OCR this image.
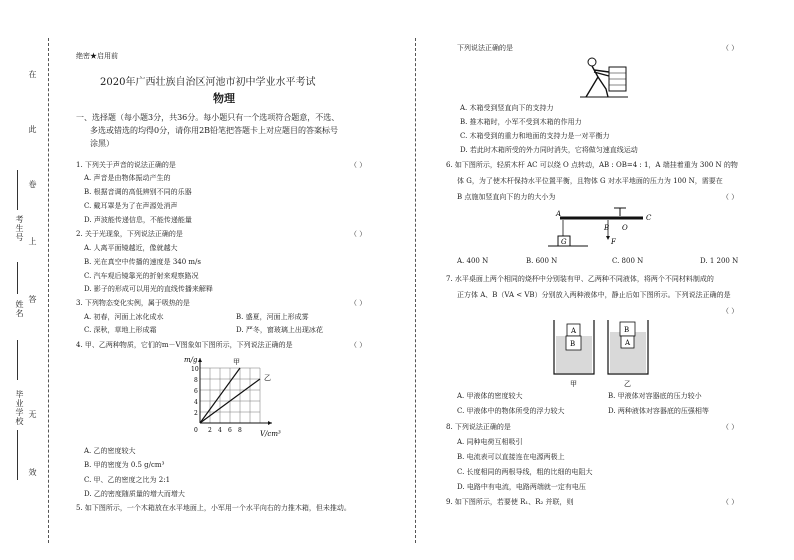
在
此
卷
上
答
无
效
考生号
姓名
毕业学校
绝密★启用前
2020年广西壮族自治区河池市初中学业水平考试
物理
一、选择题（每小题3分，共36分。每小题只有一个选项符合题意，不选、
多选或错选的均得0分，请你用2B铅笔把答题卡上对应题目的答案标号
涂黑）
1. 下列关于声音的说法正确的是	（ ）
A. 声音是由物体振动产生的
B. 根据音调的高低辨别不同的乐器
C. 戴耳罩是为了在声源处消声
D. 声波能传递信息，不能传递能量
2. 关于光现象，下列说法正确的是	（ ）
A. 人离平面镜越近，像就越大
B. 光在真空中传播的速度是 340 m/s
C. 汽车观后镜靠光的折射来观察路况
D. 影子的形成可以用光的直线传播来解释
3. 下列物态变化实例，属于吸热的是	（ ）
A. 初春，河面上冰化成水	B. 盛夏，河面上形成雾
C. 深秋，草地上形成霜	D. 严冬，窗玻璃上出现冰花
4. 甲、乙两种物质，它们的m－V图象如下图所示，下列说法正确的是	（ ）
m/g
V/cm³
10
8
6
4
2
0 2 4 6 8
甲
乙
A. 乙的密度较大
B. 甲的密度为 0.5 g/cm³
C. 甲、乙的密度之比为 2:1
D. 乙的密度随质量的增大而增大
5. 如下图所示，一个木箱放在水平地面上，小军用一个水平向右的力推木箱，但未推动。
下列说法正确的是	（ ）
A. 木箱受到竖直向下的支持力
B. 推木箱时，小军不受到木箱的作用力
C. 木箱受到的重力和地面的支持力是一对平衡力
D. 若此时木箱所受的外力同时消失，它将做匀速直线运动
6. 如下图所示，轻质木杆 AC 可以绕 O 点转动，AB : OB=4 : 1，A 端挂着重为 300 N 的物
体 G，为了使木杆保持水平位置平衡，且物体 G 对水平地面的压力为 100 N，需要在
B 点施加竖直向下的力的大小为	（ ）
A
B O
C
F
G
A. 400 N	B. 600 N	C. 800 N	D. 1 200 N
7. 水平桌面上两个相同的烧杯中分别装有甲、乙两种不同液体，将两个不同材料制成的
正方体 A、B（VA < VB）分别放入两种液体中，静止后如下图所示。下列说法正确的是
（ ）
A
B
B
A
甲	乙
A. 甲液体的密度较大	B. 甲液体对容器底的压力较小
C. 甲液体中的物体所受的浮力较大	D. 两种液体对容器底的压强相等
8. 下列说法正确的是	（ ）
A. 同种电荷互相吸引
B. 电流表可以直接连在电源两极上
C. 长度相同的两根导线，粗的比细的电阻大
D. 电路中有电流，电路两端就一定有电压
9. 如下图所示，若要使 R₁、R₂ 并联，则	（ ）
